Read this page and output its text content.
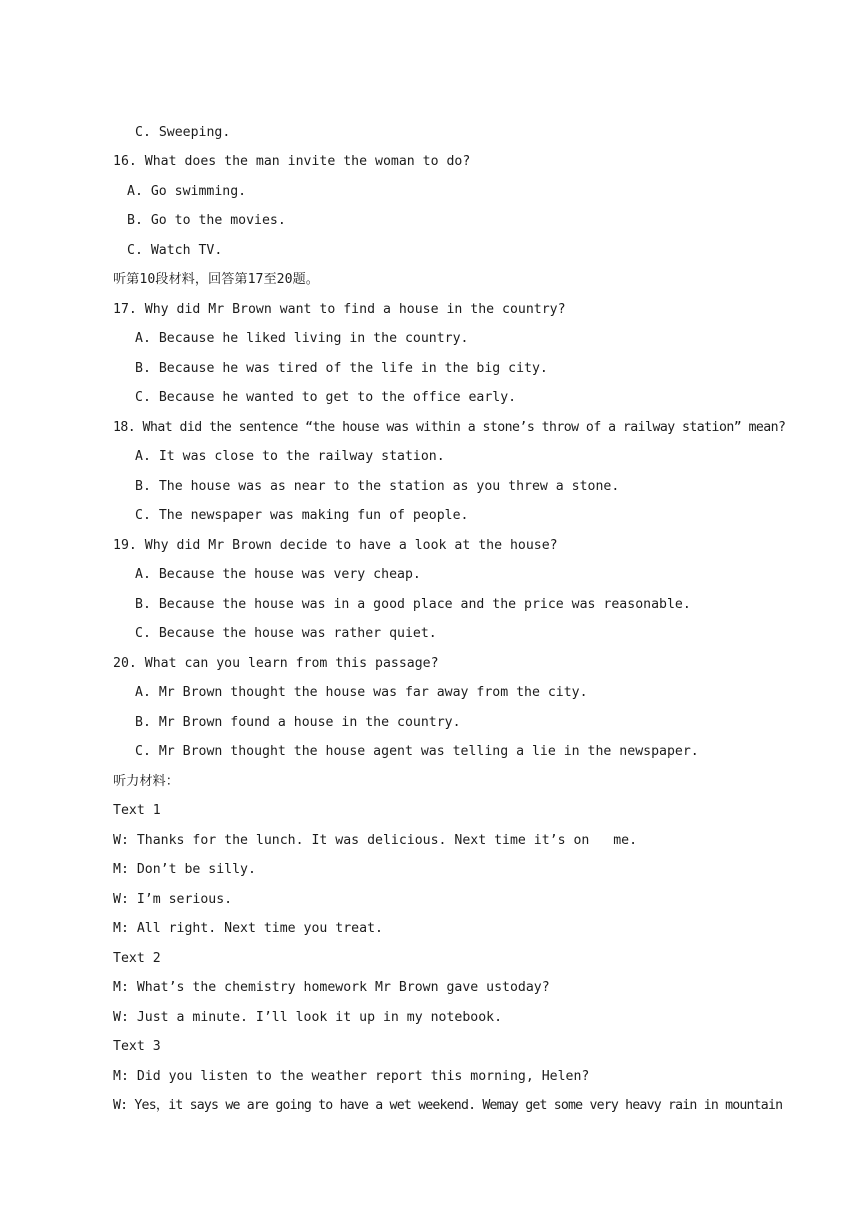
C. Sweeping.
16. What does the man invite the woman to do?
A. Go swimming.
B. Go to the movies.
C. Watch TV.
听第10段材料，回答第17至20题。
17. Why did Mr Brown want to find a house in the country?
A. Because he liked living in the country.
B. Because he was tired of the life in the big city.
C. Because he wanted to get to the office early.
18. What did the sentence “the house was within a stone’s throw of a railway station” mean?
A. It was close to the railway station.
B. The house was as near to the station as you threw a stone.
C. The newspaper was making fun of people.
19. Why did Mr Brown decide to have a look at the house?
A. Because the house was very cheap.
B. Because the house was in a good place and the price was reasonable.
C. Because the house was rather quiet.
20. What can you learn from this passage?
A. Mr Brown thought the house was far away from the city.
B. Mr Brown found a house in the country.
C. Mr Brown thought the house agent was telling a lie in the newspaper.
听力材料：
Text 1
W: Thanks for the lunch. It was delicious. Next time it’s on   me.
M: Don’t be silly.
W: I’m serious.
M: All right. Next time you treat.
Text 2
M: What’s the chemistry homework Mr Brown gave ustoday?
W: Just a minute. I’ll look it up in my notebook.
Text 3
M: Did you listen to the weather report this morning, Helen?
W: Yes，it says we are going to have a wet weekend. Wemay get some very heavy rain in mountain
